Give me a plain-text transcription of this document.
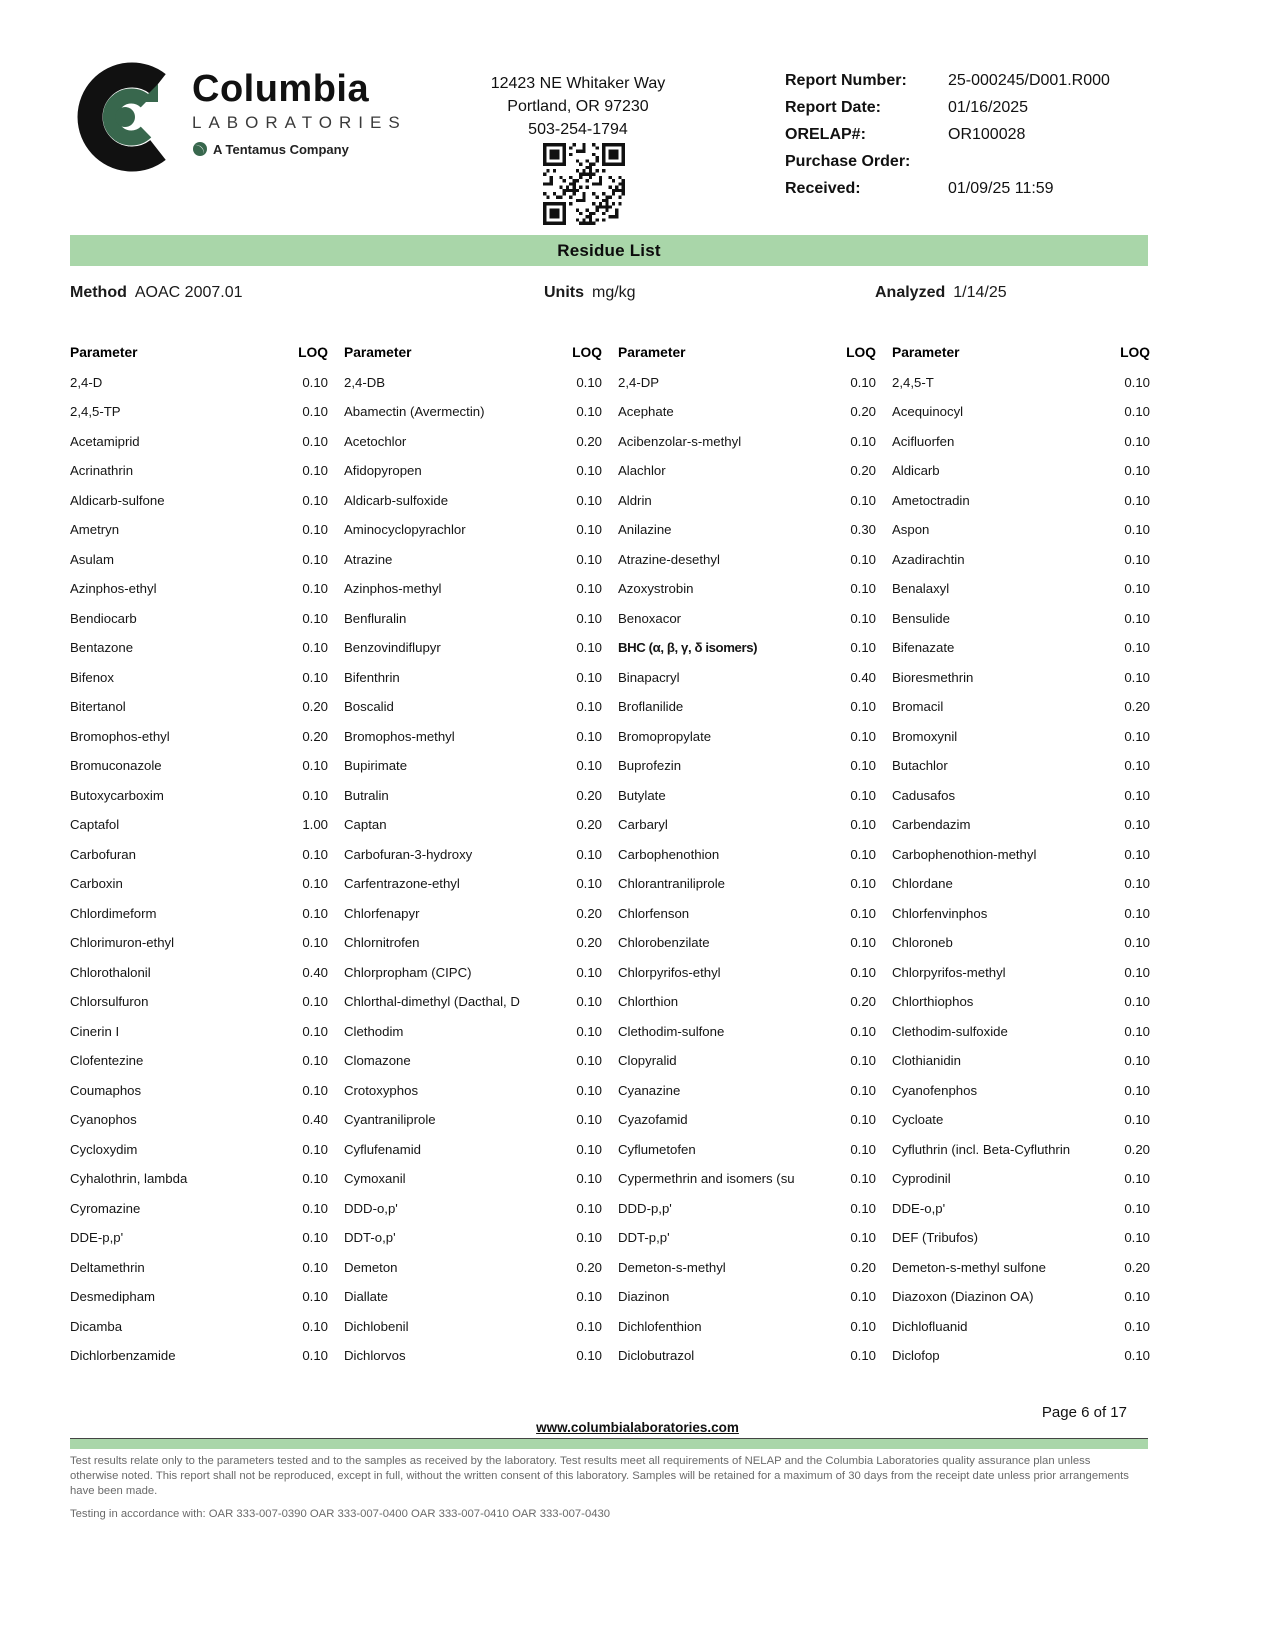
Columbia
LABORATORIES
A Tentamus Company
12423 NE Whitaker Way
Portland, OR 97230
503-254-1794
Report Number:	25-000245/D001.R000
Report Date:	01/16/2025
ORELAP#:	OR100028
Purchase Order:
Received:	01/09/25 11:59
Residue List
Method AOAC 2007.01	Units mg/kg	Analyzed 1/14/25
Parameter	LOQ
2,4-D	0.10
2,4,5-TP	0.10
Acetamiprid	0.10
Acrinathrin	0.10
Aldicarb-sulfone	0.10
Ametryn	0.10
Asulam	0.10
Azinphos-ethyl	0.10
Bendiocarb	0.10
Bentazone	0.10
Bifenox	0.10
Bitertanol	0.20
Bromophos-ethyl	0.20
Bromuconazole	0.10
Butoxycarboxim	0.10
Captafol	1.00
Carbofuran	0.10
Carboxin	0.10
Chlordimeform	0.10
Chlorimuron-ethyl	0.10
Chlorothalonil	0.40
Chlorsulfuron	0.10
Cinerin I	0.10
Clofentezine	0.10
Coumaphos	0.10
Cyanophos	0.40
Cycloxydim	0.10
Cyhalothrin, lambda	0.10
Cyromazine	0.10
DDE-p,p'	0.10
Deltamethrin	0.10
Desmedipham	0.10
Dicamba	0.10
Dichlorbenzamide	0.10
Parameter	LOQ
2,4-DB	0.10
Abamectin (Avermectin)	0.10
Acetochlor	0.20
Afidopyropen	0.10
Aldicarb-sulfoxide	0.10
Aminocyclopyrachlor	0.10
Atrazine	0.10
Azinphos-methyl	0.10
Benfluralin	0.10
Benzovindiflupyr	0.10
Bifenthrin	0.10
Boscalid	0.10
Bromophos-methyl	0.10
Bupirimate	0.10
Butralin	0.20
Captan	0.20
Carbofuran-3-hydroxy	0.10
Carfentrazone-ethyl	0.10
Chlorfenapyr	0.20
Chlornitrofen	0.20
Chlorpropham (CIPC)	0.10
Chlorthal-dimethyl (Dacthal, D	0.10
Clethodim	0.10
Clomazone	0.10
Crotoxyphos	0.10
Cyantraniliprole	0.10
Cyflufenamid	0.10
Cymoxanil	0.10
DDD-o,p'	0.10
DDT-o,p'	0.10
Demeton	0.20
Diallate	0.10
Dichlobenil	0.10
Dichlorvos	0.10
Parameter	LOQ
2,4-DP	0.10
Acephate	0.20
Acibenzolar-s-methyl	0.10
Alachlor	0.20
Aldrin	0.10
Anilazine	0.30
Atrazine-desethyl	0.10
Azoxystrobin	0.10
Benoxacor	0.10
BHC (α, β, γ, δ isomers)	0.10
Binapacryl	0.40
Broflanilide	0.10
Bromopropylate	0.10
Buprofezin	0.10
Butylate	0.10
Carbaryl	0.10
Carbophenothion	0.10
Chlorantraniliprole	0.10
Chlorfenson	0.10
Chlorobenzilate	0.10
Chlorpyrifos-ethyl	0.10
Chlorthion	0.20
Clethodim-sulfone	0.10
Clopyralid	0.10
Cyanazine	0.10
Cyazofamid	0.10
Cyflumetofen	0.10
Cypermethrin and isomers (su	0.10
DDD-p,p'	0.10
DDT-p,p'	0.10
Demeton-s-methyl	0.20
Diazinon	0.10
Dichlofenthion	0.10
Diclobutrazol	0.10
Parameter	LOQ
2,4,5-T	0.10
Acequinocyl	0.10
Acifluorfen	0.10
Aldicarb	0.10
Ametoctradin	0.10
Aspon	0.10
Azadirachtin	0.10
Benalaxyl	0.10
Bensulide	0.10
Bifenazate	0.10
Bioresmethrin	0.10
Bromacil	0.20
Bromoxynil	0.10
Butachlor	0.10
Cadusafos	0.10
Carbendazim	0.10
Carbophenothion-methyl	0.10
Chlordane	0.10
Chlorfenvinphos	0.10
Chloroneb	0.10
Chlorpyrifos-methyl	0.10
Chlorthiophos	0.10
Clethodim-sulfoxide	0.10
Clothianidin	0.10
Cyanofenphos	0.10
Cycloate	0.10
Cyfluthrin (incl. Beta-Cyfluthrin	0.20
Cyprodinil	0.10
DDE-o,p'	0.10
DEF (Tribufos)	0.10
Demeton-s-methyl sulfone	0.20
Diazoxon (Diazinon OA)	0.10
Dichlofluanid	0.10
Diclofop	0.10
Page 6 of 17
www.columbialaboratories.com
Test results relate only to the parameters tested and to the samples as received by the laboratory. Test results meet all requirements of NELAP and the Columbia Laboratories quality assurance plan unless otherwise noted. This report shall not be reproduced, except in full, without the written consent of this laboratory. Samples will be retained for a maximum of 30 days from the receipt date unless prior arrangements have been made.
Testing in accordance with: OAR 333-007-0390 OAR 333-007-0400 OAR 333-007-0410 OAR 333-007-0430
